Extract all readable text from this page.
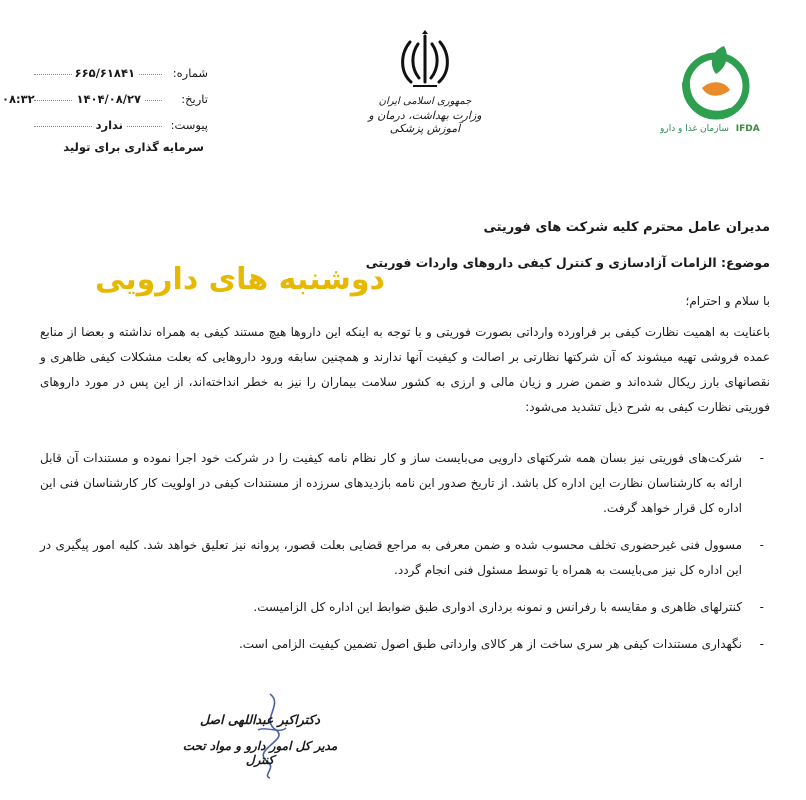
شماره:
۶۶۵/۶۱۸۴۱
تاریخ:
۱۴۰۴/۰۸/۲۷
۰۸:۳۲
پیوست:
ندارد
سرمایه گذاری برای تولید
جمهوری اسلامی ایران
وزارت بهداشت، درمان و آموزش پزشکی	سازمان غذا و دارو IFDA
مدیران عامل محترم کلیه شرکت های فوریتی
موضوع: الزامات آزادسازی و کنترل کیفی داروهای واردات فوریتی
دوشنبه های دارویی
با سلام و احترام؛
باعنایت به اهمیت نظارت کیفی بر فراورده وارداتی بصورت فوریتی و با توجه به اینکه این داروها هیچ مستند کیفی به همراه نداشته و بعضا از منابع عمده فروشی تهیه میشوند که آن شرکتها نظارتی بر اصالت و کیفیت آنها ندارند و همچنین سابقه ورود داروهایی که بعلت مشکلات کیفی ظاهری و نقصانهای بارز ریکال شده‌اند و ضمن ضرر و زیان مالی و ارزی به کشور سلامت بیماران را نیز به خطر انداخته‌اند، از این پس در مورد داروهای فوریتی نظارت کیفی به شرح ذیل تشدید می‌شود:
-
شرکت‌های فوریتی نیز بسان همه شرکتهای دارویی می‌بایست ساز و کار نظام نامه کیفیت را در شرکت خود اجرا نموده و مستندات آن قابل ارائه به کارشناسان نظارت این اداره کل باشد. از تاریخ صدور این نامه بازدیدهای سرزده از مستندات کیفی در اولویت کار کارشناسان فنی این اداره کل قرار خواهد گرفت.
-
مسوول فنی غیرحضوری تخلف محسوب شده و ضمن معرفی به مراجع قضایی بعلت قصور، پروانه نیز تعلیق خواهد شد. کلیه امور پیگیری در این اداره کل نیز می‌بایست به همراه یا توسط مسئول فنی انجام گردد.
-
کنترلهای ظاهری و مقایسه با رفرانس و نمونه برداری ادواری طبق ضوابط این اداره کل الزامیست.
-
نگهداری مستندات کیفی هر سری ساخت از هر کالای وارداتی طبق اصول تضمین کیفیت الزامی است.
دکتراکبر عبداللهی اصل
مدیر کل امور دارو و مواد تحت کنترل
